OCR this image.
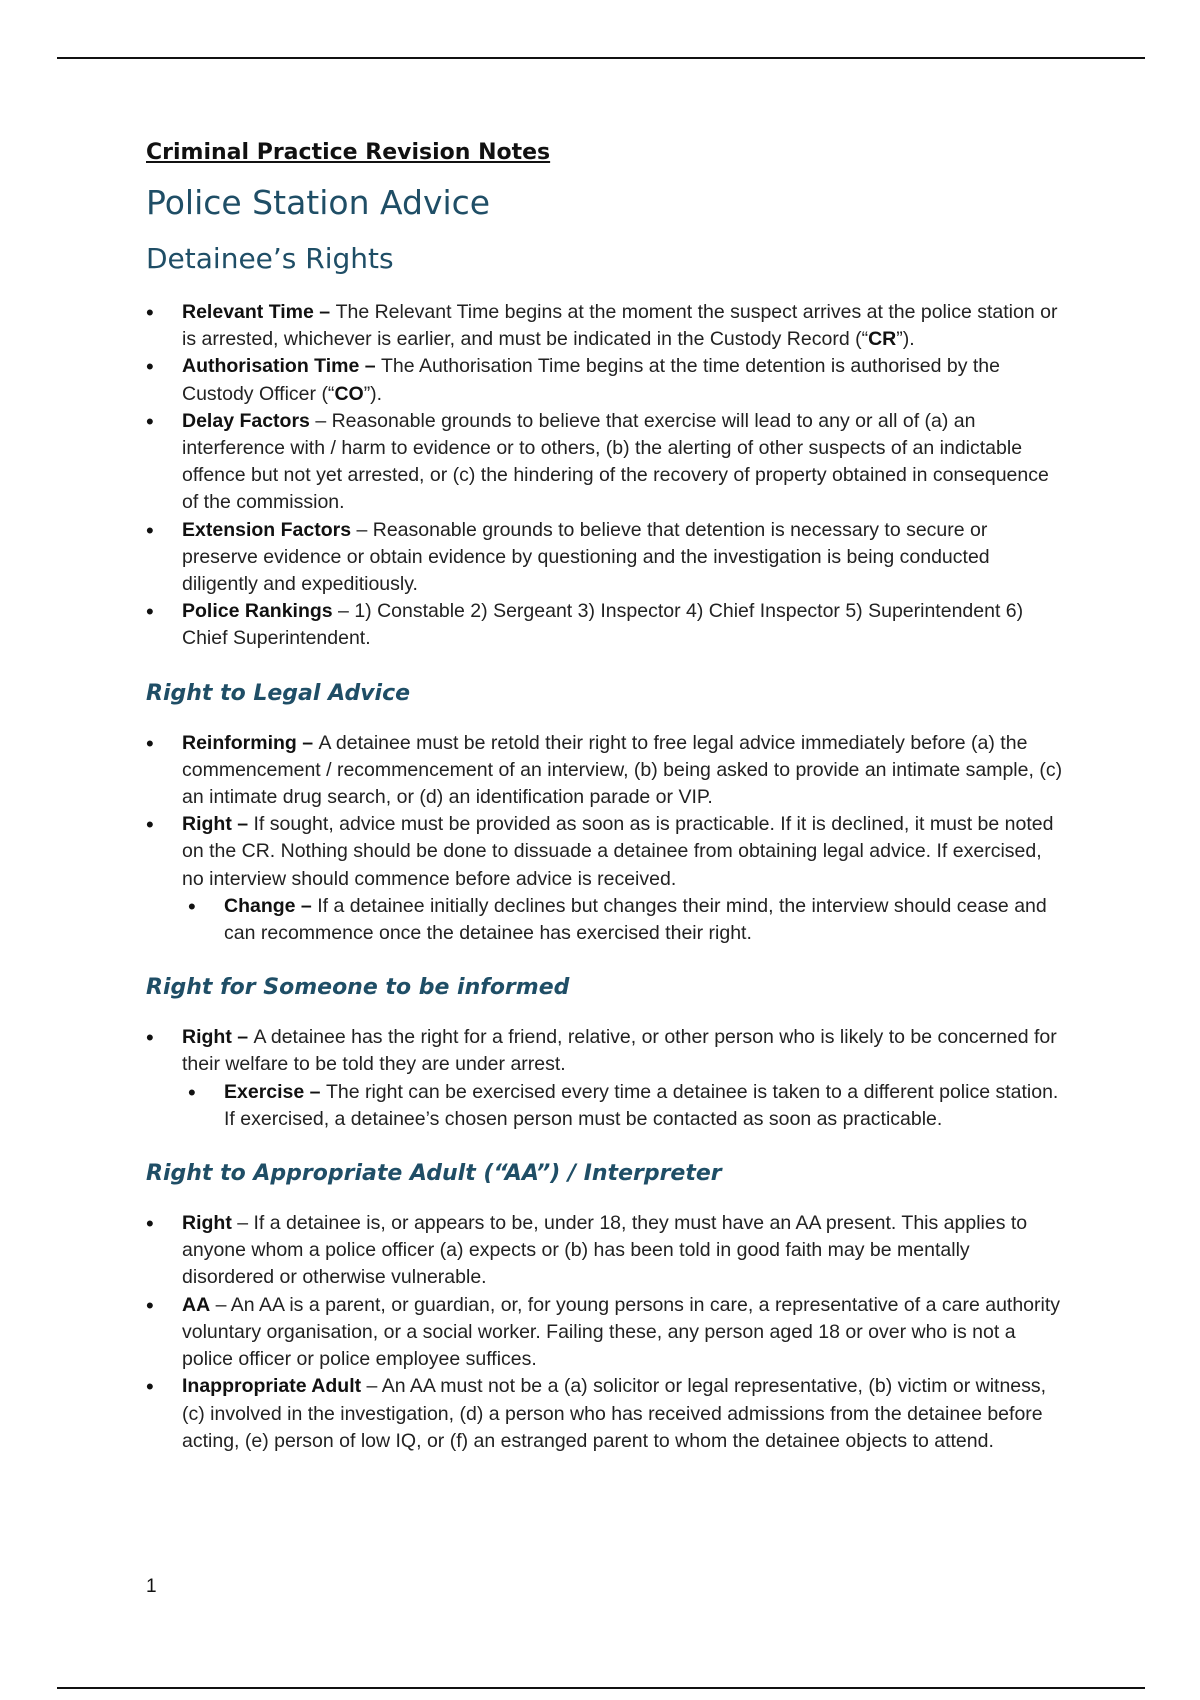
Criminal Practice Revision Notes
Police Station Advice
Detainee’s Rights
• Relevant Time – The Relevant Time begins at the moment the suspect arrives at the police station or is arrested, whichever is earlier, and must be indicated in the Custody Record (“CR”).
• Authorisation Time – The Authorisation Time begins at the time detention is authorised by the Custody Officer (“CO”).
• Delay Factors – Reasonable grounds to believe that exercise will lead to any or all of (a) an interference with / harm to evidence or to others, (b) the alerting of other suspects of an indictable offence but not yet arrested, or (c) the hindering of the recovery of property obtained in consequence of the commission.
• Extension Factors – Reasonable grounds to believe that detention is necessary to secure or preserve evidence or obtain evidence by questioning and the investigation is being conducted diligently and expeditiously.
• Police Rankings – 1) Constable 2) Sergeant 3) Inspector 4) Chief Inspector 5) Superintendent 6) Chief Superintendent.
Right to Legal Advice
• Reinforming – A detainee must be retold their right to free legal advice immediately before (a) the commencement / recommencement of an interview, (b) being asked to provide an intimate sample, (c) an intimate drug search, or (d) an identification parade or VIP.
• Right – If sought, advice must be provided as soon as is practicable. If it is declined, it must be noted on the CR. Nothing should be done to dissuade a detainee from obtaining legal advice. If exercised, no interview should commence before advice is received.
• Change – If a detainee initially declines but changes their mind, the interview should cease and can recommence once the detainee has exercised their right.
Right for Someone to be informed
• Right – A detainee has the right for a friend, relative, or other person who is likely to be concerned for their welfare to be told they are under arrest.
• Exercise – The right can be exercised every time a detainee is taken to a different police station. If exercised, a detainee’s chosen person must be contacted as soon as practicable.
Right to Appropriate Adult (“AA”) / Interpreter
• Right – If a detainee is, or appears to be, under 18, they must have an AA present. This applies to anyone whom a police officer (a) expects or (b) has been told in good faith may be mentally disordered or otherwise vulnerable.
• AA – An AA is a parent, or guardian, or, for young persons in care, a representative of a care authority voluntary organisation, or a social worker. Failing these, any person aged 18 or over who is not a police officer or police employee suffices.
• Inappropriate Adult – An AA must not be a (a) solicitor or legal representative, (b) victim or witness, (c) involved in the investigation, (d) a person who has received admissions from the detainee before acting, (e) person of low IQ, or (f) an estranged parent to whom the detainee objects to attend.
1
